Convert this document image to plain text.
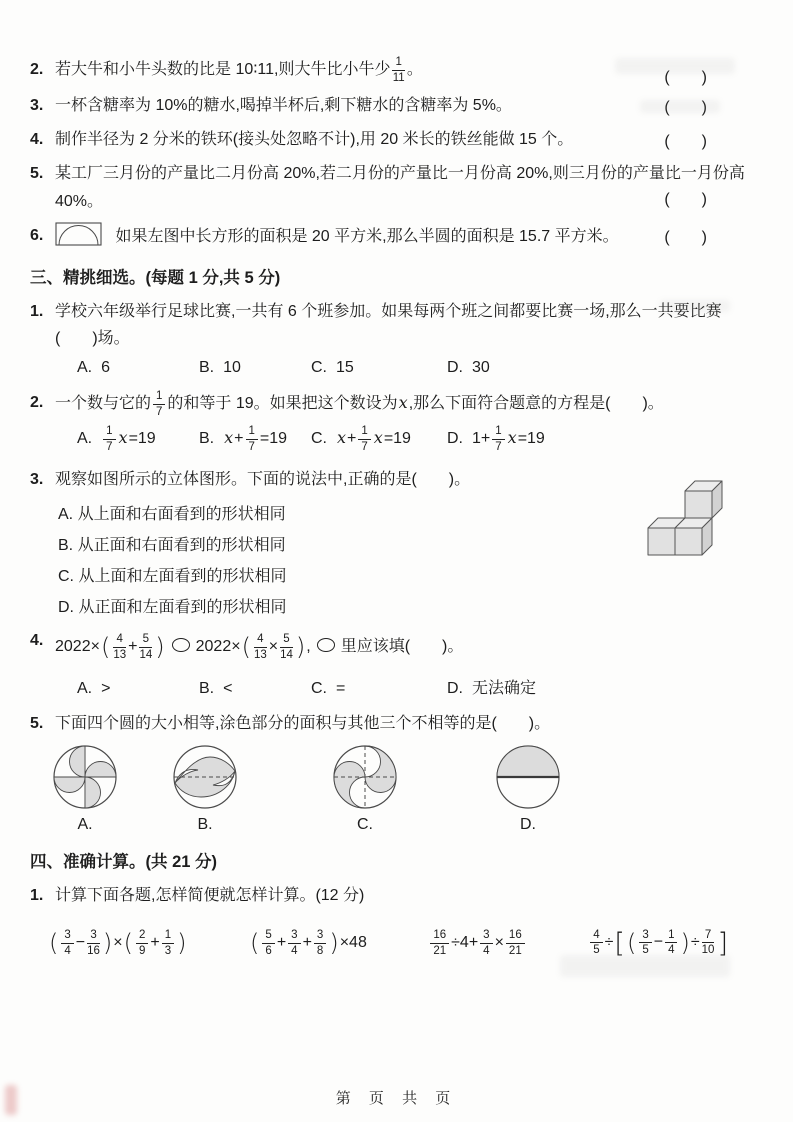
2. 若大牛和小牛头数的比是 10∶11,则大牛比小牛少 $\frac{1}{11}$ 。	(　　)
3. 一杯含糖率为 10%的糖水,喝掉半杯后,剩下糖水的含糖率为 5%。	(　　)
4. 制作半径为 2 分米的铁环(接头处忽略不计),用 20 米长的铁丝能做 15 个。	(　　)
5. 某工厂三月份的产量比二月份高 20%,若二月份的产量比一月份高 20%,则三月份的产量比一月份高 40%。	(　　)
6.	如果左图中长方形的面积是 20 平方米,那么半圆的面积是 15.7 平方米。	(　　)
三、精挑细选。(每题 1 分,共 5 分)
1. 学校六年级举行足球比赛,一共有 6 个班参加。如果每两个班之间都要比赛一场,那么一共要比赛(　　)场。
A. 6	B. 10	C. 15	D. 30
2. 一个数与它的 $\frac{1}{7}$ 的和等于 19。如果把这个数设为x,那么下面符合题意的方程是(　　)。
A. $\frac{1}{7} x=19$	B. $x+ \frac{1}{7} =19$	C. $x+ \frac{1}{7} x=19$	D. $1+ \frac{1}{7} x=19$
3. 观察如图所示的立体图形。下面的说法中,正确的是(　　)。
A. 从上面和右面看到的形状相同
B. 从正面和右面看到的形状相同
C. 从上面和左面看到的形状相同
D. 从正面和左面看到的形状相同
4. $2022\times( \frac{4}{13} + \frac{5}{14}$ ) $2022\times( \frac{4}{13} \times \frac{5}{14}$ ), 里应该填(　　)。
A. >	B. <	C. =	D. 无法确定
5. 下面四个圆的大小相等,涂色部分的面积与其他三个不相等的是(　　)。
A.	B.	C.	D.
四、准确计算。(共 21 分)
1. 计算下面各题,怎样简便就怎样计算。(12 分)
( $\frac{3}{4} - \frac{3}{16}$ )×( $\frac{2}{9} + \frac{1}{3}$ )	( $\frac{5}{6} + \frac{3}{4} + \frac{3}{8} )\times 48$	$\frac{16}{21} \div 4+ \frac{3}{4} \times \frac{16}{21}$	$\frac{4}{5}$ ÷[( $\frac{3}{5} - \frac{1}{4}$ )÷ $\frac{7}{10}$ ]
第 页 共 页
